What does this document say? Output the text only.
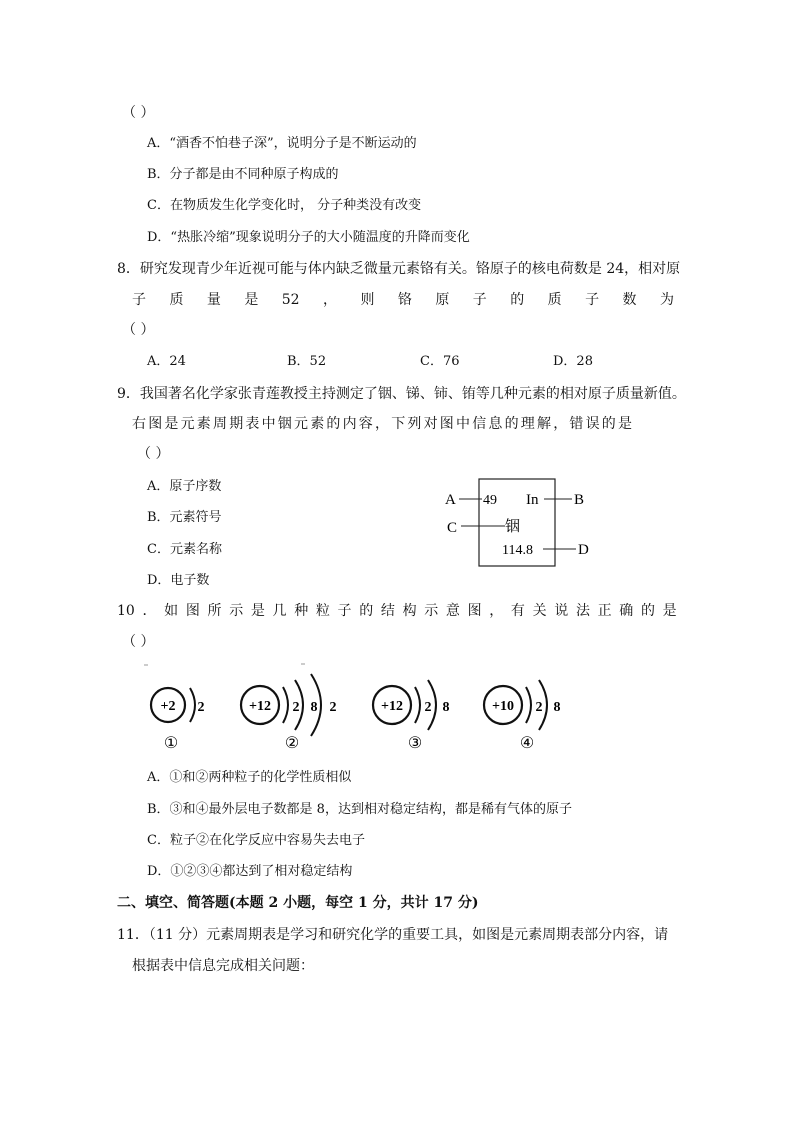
（ ）
A．“酒香不怕巷子深”，说明分子是不断运动的
B．分子都是由不同种原子构成的
C．在物质发生化学变化时， 分子种类没有改变
D．“热胀冷缩”现象说明分子的大小随温度的升降而变化
8．研究发现青少年近视可能与体内缺乏微量元素铬有关。铬原子的核电荷数是 24，相对原
子 质 量 是 52 ， 则 铬 原 子 的 质 子 数 为
（ ）
A．24	B．52	C．76	D．28
9．我国著名化学家张青莲教授主持测定了铟、锑、铈、铕等几种元素的相对原子质量新值。
右图是元素周期表中铟元素的内容，下列对图中信息的理解，错误的是
（ ）
A．原子序数
B．元素符号
C．元素名称
D．电子数
A 49 In B
C	铟
114.8	D
10 ． 如 图 所 示 是 几 种 粒 子 的 结 构 示 意 图 ， 有 关 说 法 正 确 的 是
（ ）
+2 2
①
+12 2 8 2
②
+12 2 8
③
+10 2 8
④
A．①和②两种粒子的化学性质相似
B．③和④最外层电子数都是 8，达到相对稳定结构，都是稀有气体的原子
C．粒子②在化学反应中容易失去电子
D．①②③④都达到了相对稳定结构
二、填空、简答题(本题 2 小题，每空 1 分，共计 17 分)
11．（11 分）元素周期表是学习和研究化学的重要工具，如图是元素周期表部分内容，请
根据表中信息完成相关问题：
